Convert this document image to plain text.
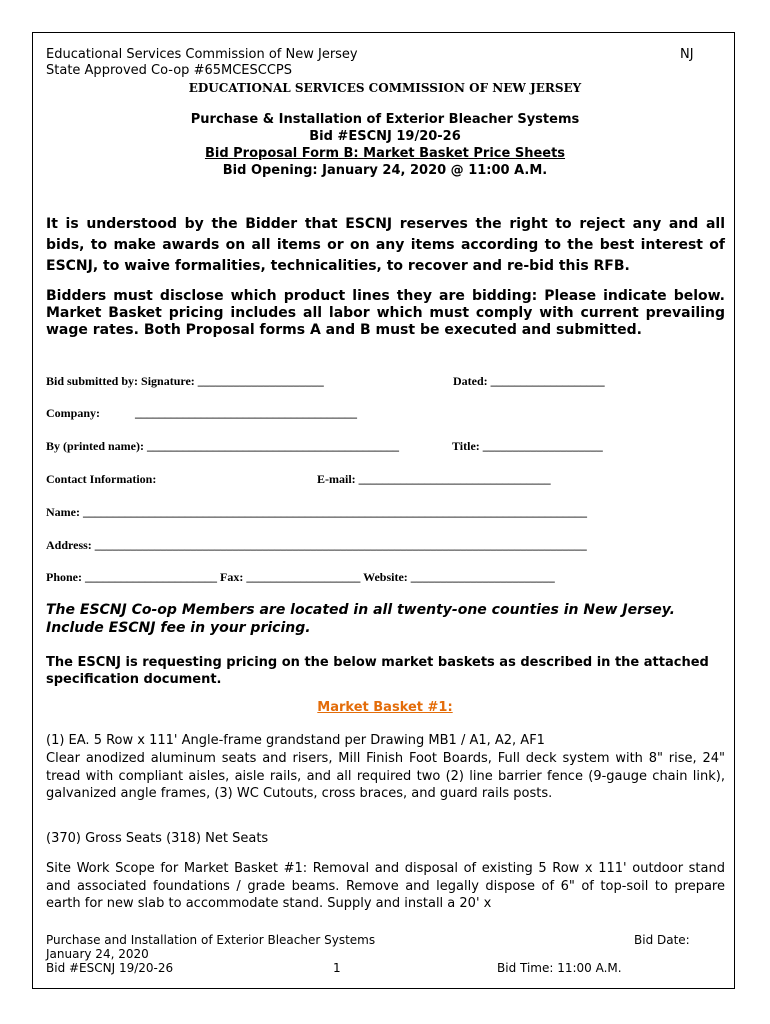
Educational Services Commission of New Jersey	NJ
State Approved Co-op #65MCESCCPS
EDUCATIONAL SERVICES COMMISSION OF NEW JERSEY
Purchase & Installation of Exterior Bleacher Systems
Bid #ESCNJ 19/20-26
Bid Proposal Form B: Market Basket Price Sheets
Bid Opening: January 24, 2020 @ 11:00 A.M.
It is understood by the Bidder that ESCNJ reserves the right to reject any and all bids, to make awards on all items or on any items according to the best interest of ESCNJ, to waive formalities, technicalities, to recover and re-bid this RFB.
Bidders must disclose which product lines they are bidding: Please indicate below. Market Basket pricing includes all labor which must comply with current prevailing wage rates. Both Proposal forms A and B must be executed and submitted.
Bid submitted by: Signature: _____________________	Dated: ___________________
Company:	_____________________________________
By (printed name): __________________________________________	Title: ____________________
Contact Information:	E-mail: ________________________________
Name: ____________________________________________________________________________________
Address: __________________________________________________________________________________
Phone: ______________________ Fax: ___________________ Website: ________________________
The ESCNJ Co-op Members are located in all twenty-one counties in New Jersey.
Include ESCNJ fee in your pricing.
The ESCNJ is requesting pricing on the below market baskets as described in the attached specification document.
Market Basket #1:
(1) EA. 5 Row x 111' Angle-frame grandstand per Drawing MB1 / A1, A2, AF1
Clear anodized aluminum seats and risers, Mill Finish Foot Boards, Full deck system with 8" rise, 24" tread with compliant aisles, aisle rails, and all required two (2) line barrier fence (9-gauge chain link), galvanized angle frames, (3) WC Cutouts, cross braces, and guard rails posts.
(370) Gross Seats (318) Net Seats
Site Work Scope for Market Basket #1: Removal and disposal of existing 5 Row x 111' outdoor stand and associated foundations / grade beams. Remove and legally dispose of 6" of top-soil to prepare earth for new slab to accommodate stand. Supply and install a 20' x
Purchase and Installation of Exterior Bleacher Systems
January 24, 2020
Bid #ESCNJ 19/20-26	1
Bid Date:
Bid Time: 11:00 A.M.
